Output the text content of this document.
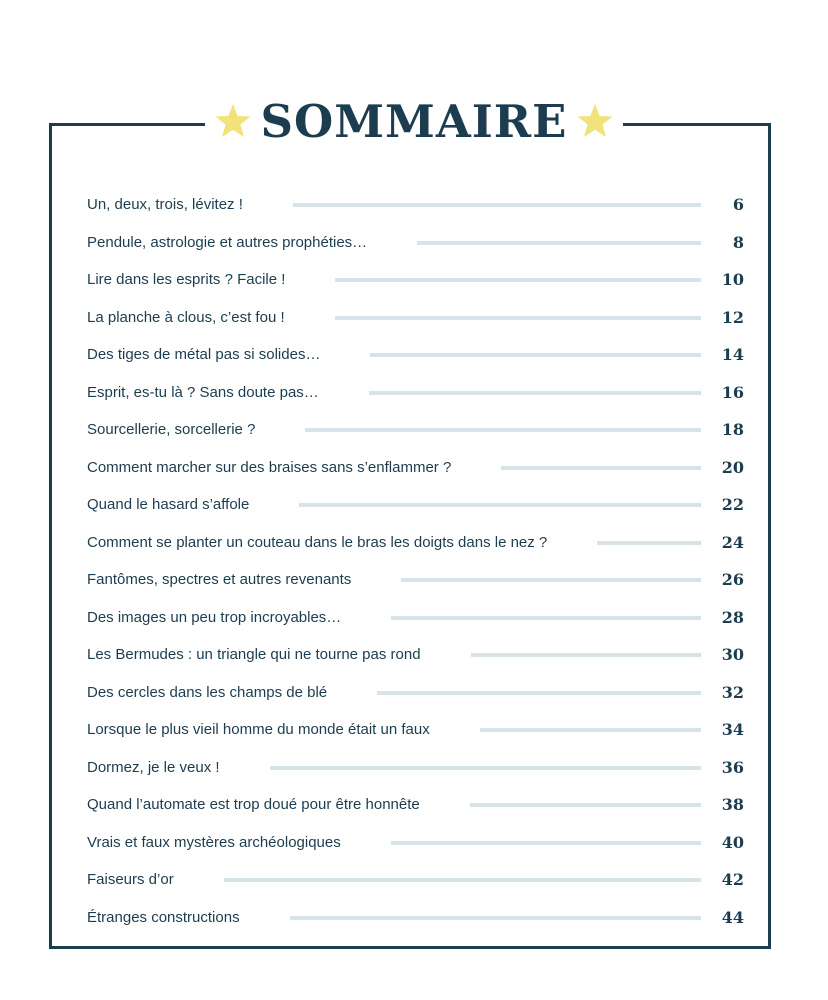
SOMMAIRE
Un, deux, trois, lévitez !	6
Pendule, astrologie et autres prophéties…	8
Lire dans les esprits ? Facile !	10
La planche à clous, c’est fou !	12
Des tiges de métal pas si solides…	14
Esprit, es-tu là ? Sans doute pas…	16
Sourcellerie, sorcellerie ?	18
Comment marcher sur des braises sans s’enflammer ?	20
Quand le hasard s’affole	22
Comment se planter un couteau dans le bras les doigts dans le nez ?	24
Fantômes, spectres et autres revenants	26
Des images un peu trop incroyables…	28
Les Bermudes : un triangle qui ne tourne pas rond	30
Des cercles dans les champs de blé	32
Lorsque le plus vieil homme du monde était un faux	34
Dormez, je le veux !	36
Quand l’automate est trop doué pour être honnête	38
Vrais et faux mystères archéologiques	40
Faiseurs d’or	42
Étranges constructions	44
